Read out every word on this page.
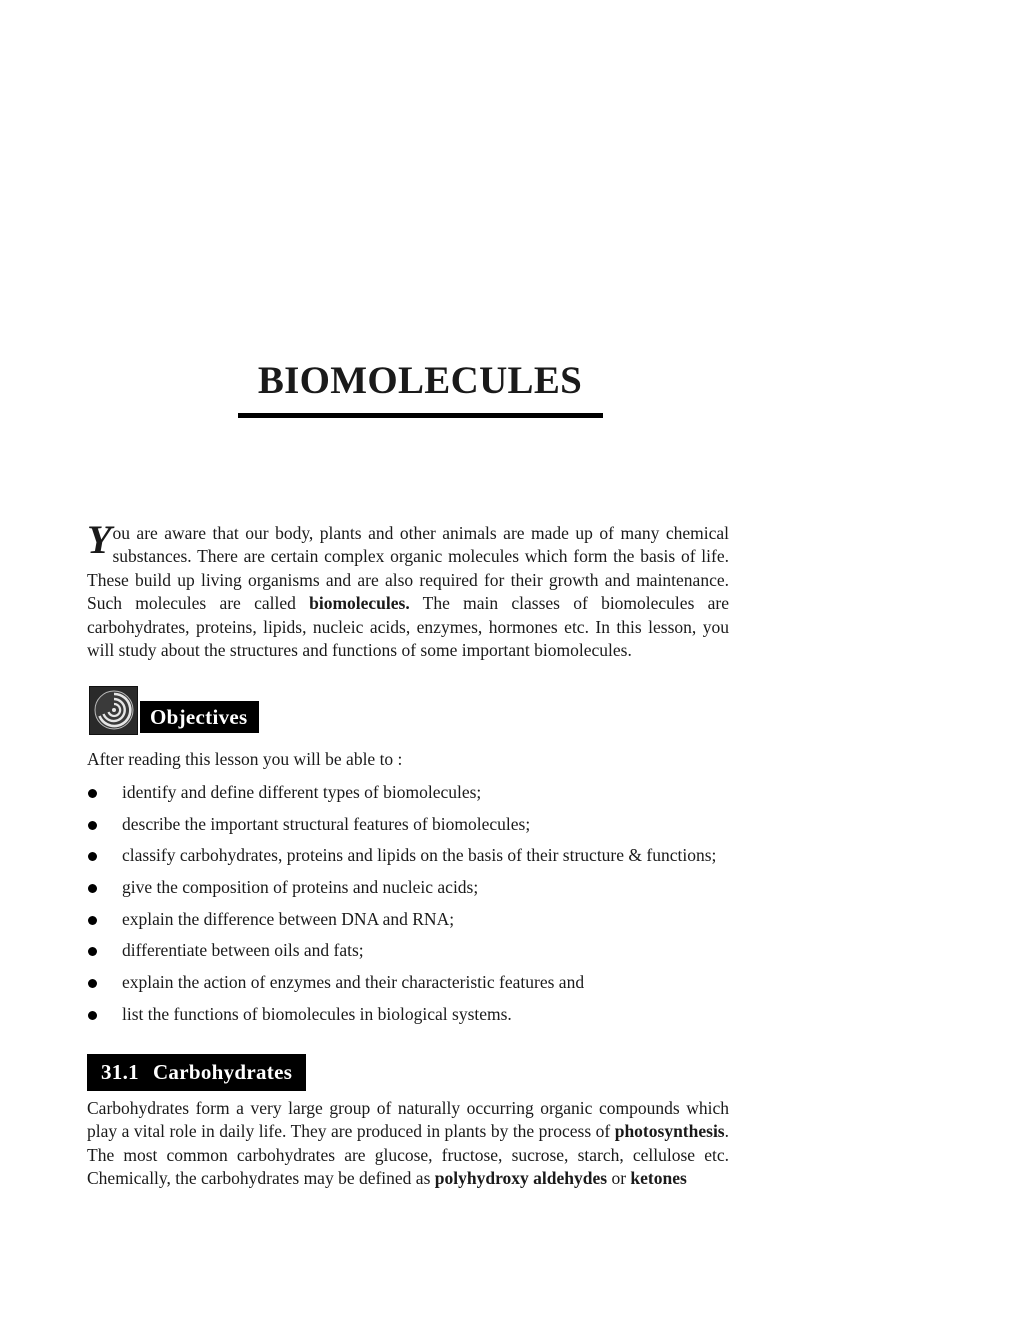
BIOMOLECULES

You are aware that our body, plants and other animals are made up of many chemical substances. There are certain complex organic molecules which form the basis of life. These build up living organisms and are also required for their growth and maintenance. Such molecules are called biomolecules. The main classes of biomolecules are carbohydrates, proteins, lipids, nucleic acids, enzymes, hormones etc. In this lesson, you will study about the structures and functions of some important biomolecules.

Objectives

After reading this lesson you will be able to :

identify and define different types of biomolecules;
describe the important structural features of biomolecules;
classify carbohydrates, proteins and lipids on the basis of their structure & functions;
give the composition of proteins and nucleic acids;
explain the difference between DNA and RNA;
differentiate between oils and fats;
explain the action of enzymes and their characteristic features and
list the functions of biomolecules in biological systems.
31.1 Carbohydrates

Carbohydrates form a very large group of naturally occurring organic compounds which play a vital role in daily life. They are produced in plants by the process of photosynthesis. The most common carbohydrates are glucose, fructose, sucrose, starch, cellulose etc. Chemically, the carbohydrates may be defined as polyhydroxy aldehydes or ketones
